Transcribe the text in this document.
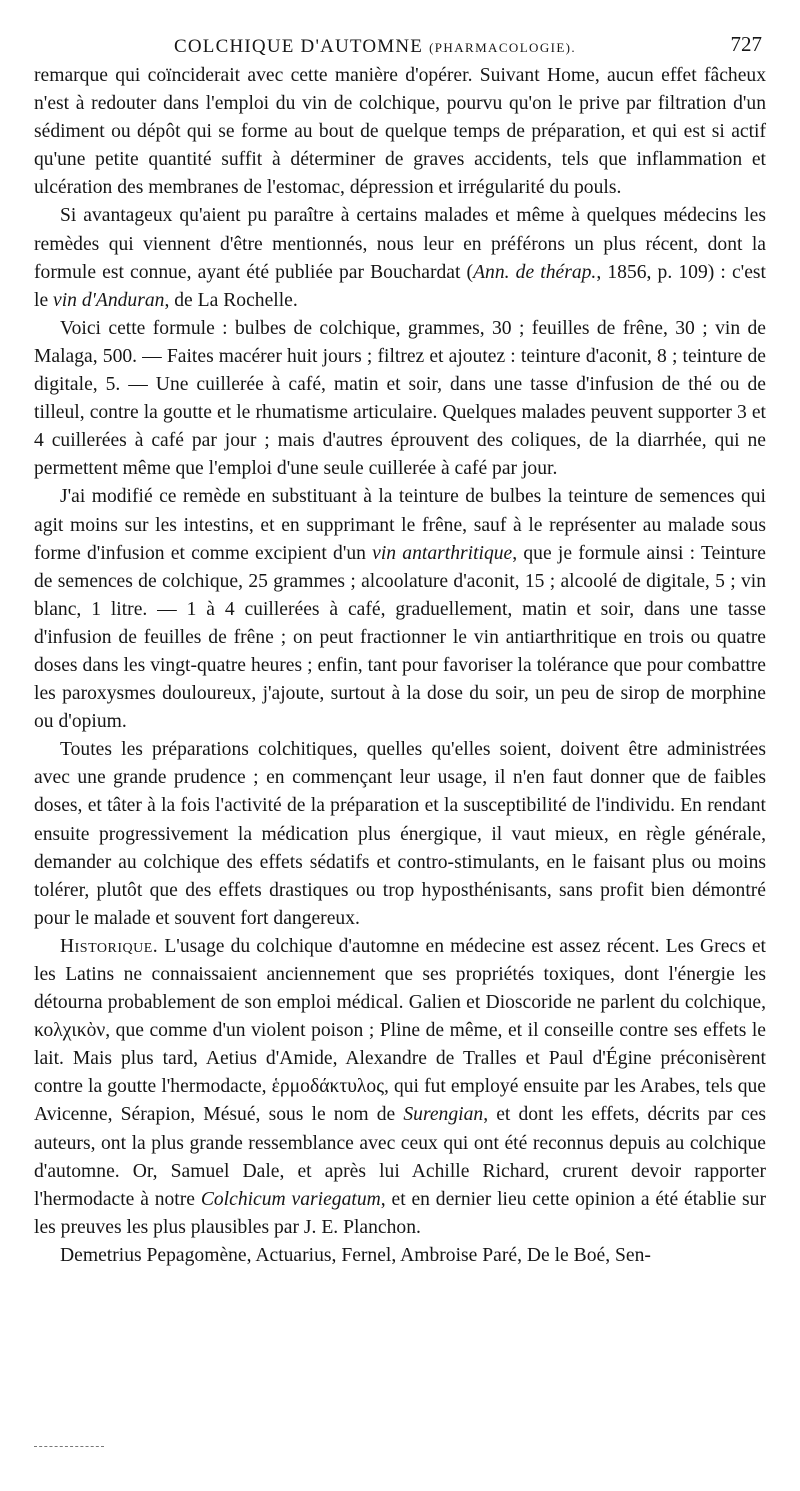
COLCHIQUE D'AUTOMNE (PHARMACOLOGIE).	727

remarque qui coïnciderait avec cette manière d'opérer. Suivant Home, aucun effet fâcheux n'est à redouter dans l'emploi du vin de colchique, pourvu qu'on le prive par filtration d'un sédiment ou dépôt qui se forme au bout de quelque temps de préparation, et qui est si actif qu'une petite quantité suffit à déterminer de graves accidents, tels que inflammation et ulcération des membranes de l'estomac, dépression et irrégularité du pouls.

Si avantageux qu'aient pu paraître à certains malades et même à quelques médecins les remèdes qui viennent d'être mentionnés, nous leur en préférons un plus récent, dont la formule est connue, ayant été publiée par Bouchardat (Ann. de thérap., 1856, p. 109) : c'est le vin d'Anduran, de La Rochelle.

Voici cette formule : bulbes de colchique, grammes, 30 ; feuilles de frêne, 30 ; vin de Malaga, 500. — Faites macérer huit jours ; filtrez et ajoutez : teinture d'aconit, 8 ; teinture de digitale, 5. — Une cuillerée à café, matin et soir, dans une tasse d'infusion de thé ou de tilleul, contre la goutte et le rhumatisme articulaire. Quelques malades peuvent supporter 3 et 4 cuillerées à café par jour ; mais d'autres éprouvent des coliques, de la diarrhée, qui ne permettent même que l'emploi d'une seule cuillerée à café par jour.

J'ai modifié ce remède en substituant à la teinture de bulbes la teinture de semences qui agit moins sur les intestins, et en supprimant le frêne, sauf à le représenter au malade sous forme d'infusion et comme excipient d'un vin antarthritique, que je formule ainsi : Teinture de semences de colchique, 25 grammes ; alcoolature d'aconit, 15 ; alcoolé de digitale, 5 ; vin blanc, 1 litre. — 1 à 4 cuillerées à café, graduellement, matin et soir, dans une tasse d'infusion de feuilles de frêne ; on peut fractionner le vin antiarthritique en trois ou quatre doses dans les vingt-quatre heures ; enfin, tant pour favoriser la tolérance que pour combattre les paroxysmes douloureux, j'ajoute, surtout à la dose du soir, un peu de sirop de morphine ou d'opium.

Toutes les préparations colchitiques, quelles qu'elles soient, doivent être administrées avec une grande prudence ; en commençant leur usage, il n'en faut donner que de faibles doses, et tâter à la fois l'activité de la préparation et la susceptibilité de l'individu. En rendant ensuite progressivement la médication plus énergique, il vaut mieux, en règle générale, demander au colchique des effets sédatifs et contro-stimulants, en le faisant plus ou moins tolérer, plutôt que des effets drastiques ou trop hyposthénisants, sans profit bien démontré pour le malade et souvent fort dangereux.

Historique. L'usage du colchique d'automne en médecine est assez récent. Les Grecs et les Latins ne connaissaient anciennement que ses propriétés toxiques, dont l'énergie les détourna probablement de son emploi médical. Galien et Dioscoride ne parlent du colchique, κολχικὸν, que comme d'un violent poison ; Pline de même, et il conseille contre ses effets le lait. Mais plus tard, Aetius d'Amide, Alexandre de Tralles et Paul d'Égine préconisèrent contre la goutte l'hermodacte, ἑρμοδάκτυλος, qui fut employé ensuite par les Arabes, tels que Avicenne, Sérapion, Mésué, sous le nom de Surengian, et dont les effets, décrits par ces auteurs, ont la plus grande ressemblance avec ceux qui ont été reconnus depuis au colchique d'automne. Or, Samuel Dale, et après lui Achille Richard, crurent devoir rapporter l'hermodacte à notre Colchicum variegatum, et en dernier lieu cette opinion a été établie sur les preuves les plus plausibles par J. E. Planchon.

Demetrius Pepagomène, Actuarius, Fernel, Ambroise Paré, De le Boé, Sen-
